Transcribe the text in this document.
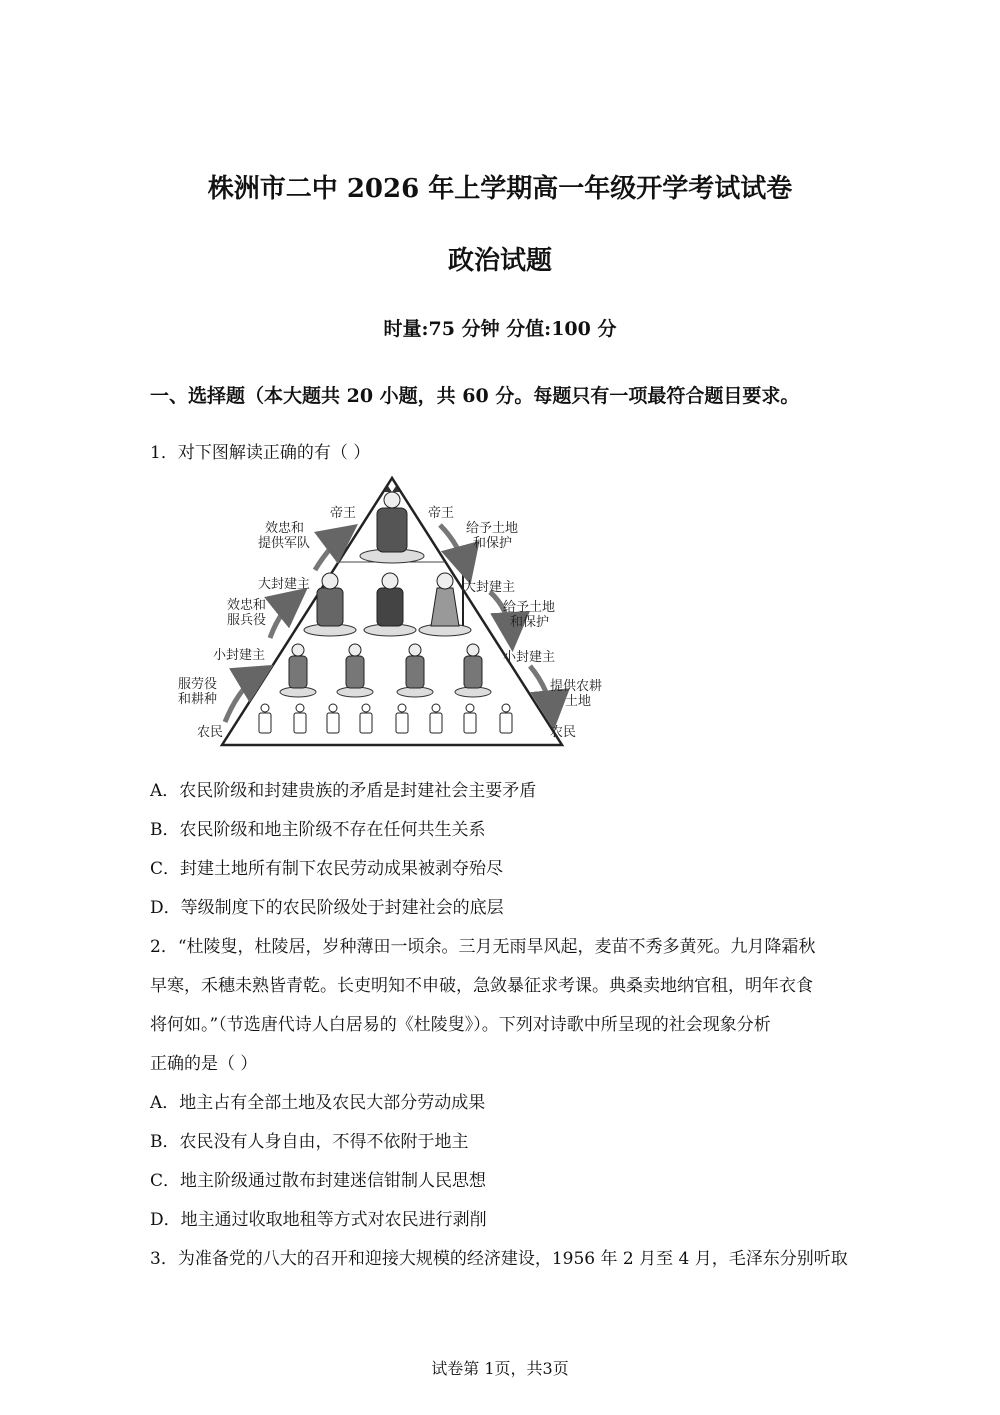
株洲市二中 2026 年上学期高一年级开学考试试卷
政治试题
时量:75 分钟 分值:100 分
一、选择题（本大题共 20 小题，共 60 分。每题只有一项最符合题目要求。
1．对下图解读正确的有（ ）
帝王
效忠和
提供军队
大封建主
效忠和
服兵役
小封建主
服劳役
和耕种
农民
帝王
给予土地
和保护
大封建主
给予土地
和保护
小封建主
提供农耕
土地
农民
A．农民阶级和封建贵族的矛盾是封建社会主要矛盾
B．农民阶级和地主阶级不存在任何共生关系
C．封建土地所有制下农民劳动成果被剥夺殆尽
D．等级制度下的农民阶级处于封建社会的底层
2．“杜陵叟，杜陵居，岁种薄田一顷余。三月无雨旱风起，麦苗不秀多黄死。九月降霜秋
早寒，禾穗未熟皆青乾。长吏明知不申破，急敛暴征求考课。典桑卖地纳官租，明年衣食
将何如。”（节选唐代诗人白居易的《杜陵叟》）。下列对诗歌中所呈现的社会现象分析
正确的是（ ）
A．地主占有全部土地及农民大部分劳动成果
B．农民没有人身自由，不得不依附于地主
C．地主阶级通过散布封建迷信钳制人民思想
D．地主通过收取地租等方式对农民进行剥削
3．为准备党的八大的召开和迎接大规模的经济建设，1956 年 2 月至 4 月，毛泽东分别听取
试卷第 1页，共3页
